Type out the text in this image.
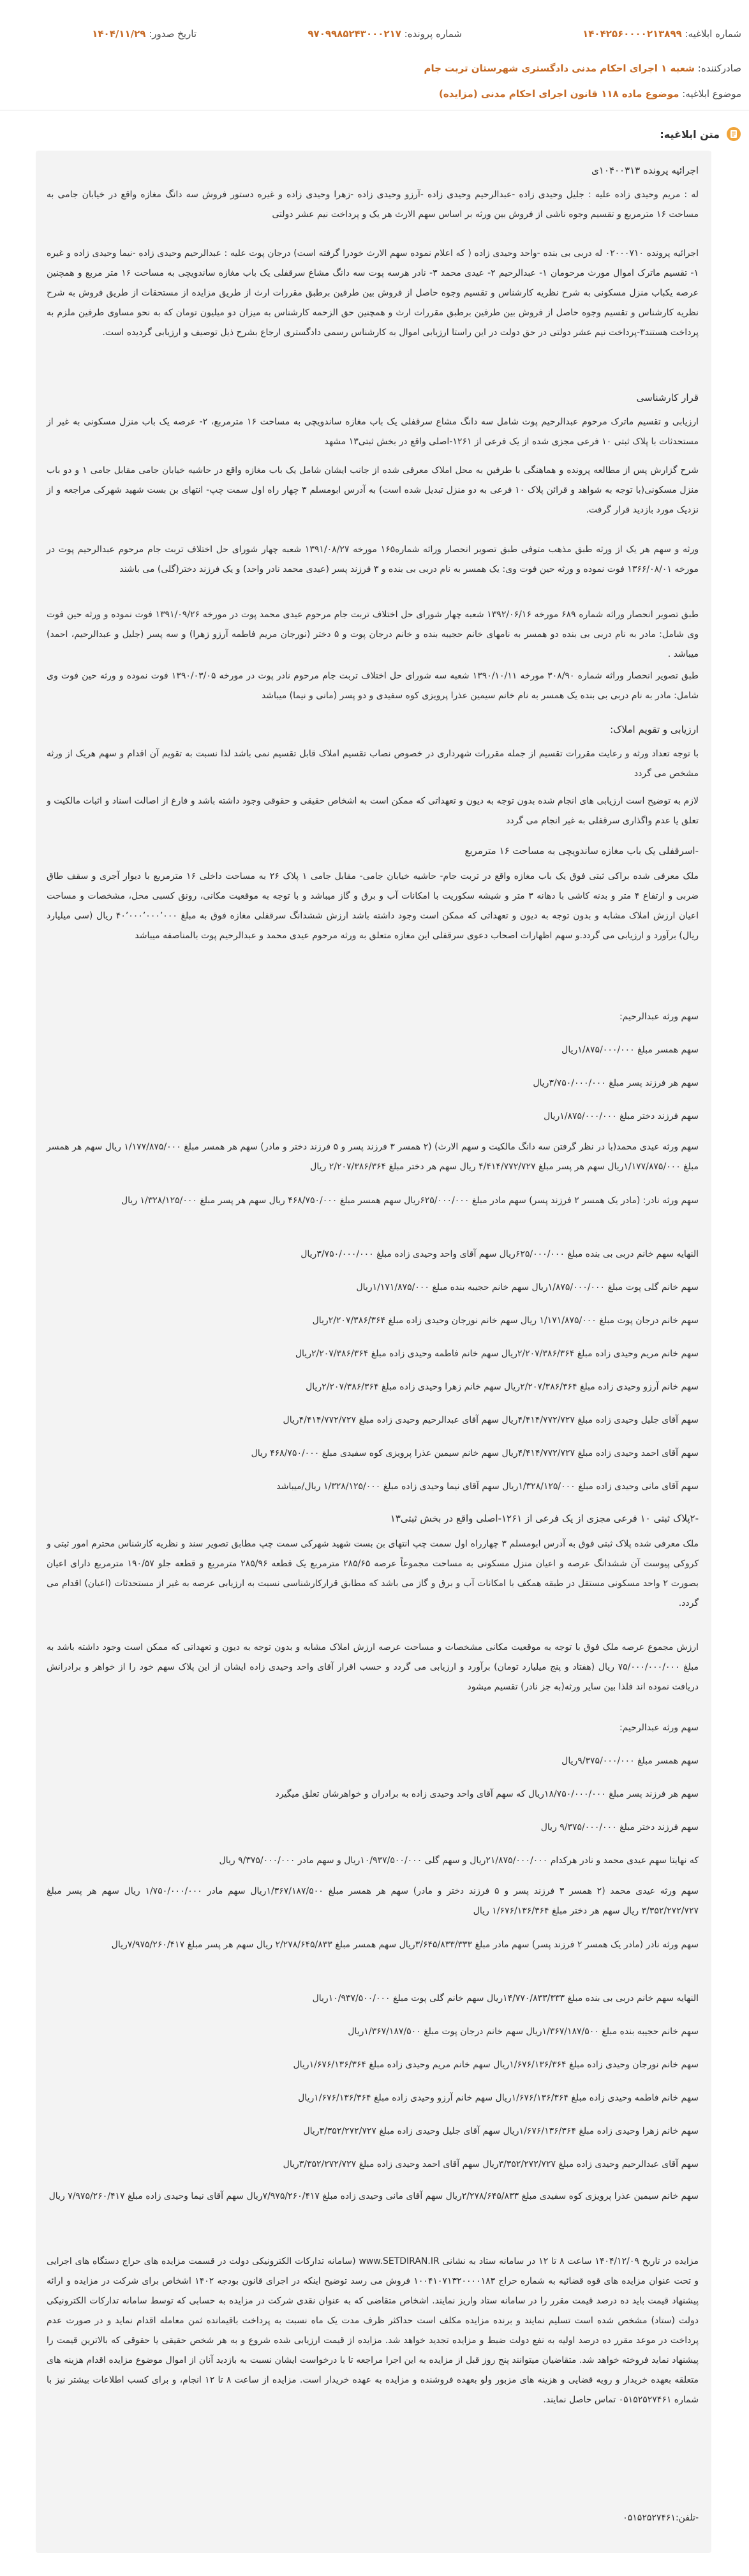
شماره ابلاغیه: ۱۴۰۴۲۵۶۰۰۰۰۲۱۳۸۹۹
شماره پرونده: ۹۷۰۹۹۸۵۲۴۳۰۰۰۲۱۷
تاریخ صدور: ۱۴۰۴/۱۱/۲۹
صادرکننده: شعبه ۱ اجرای احکام مدنی دادگستری شهرستان تربت جام
موضوع ابلاغیه: موضوع ماده ۱۱۸ قانون اجرای احکام مدنی (مزایده)
متن ابلاغیه:
اجرائیه پرونده ۱۰۴۰۰۳۱۳ی
له : مریم وحیدی زاده علیه : جلیل وحیدی زاده -عبدالرحیم وحیدی زاده -آرزو وحیدی زاده -زهرا وحیدی زاده و غیره دستور فروش سه دانگ مغازه واقع در خیابان جامی به مساحت ۱۶ مترمربع و تقسیم وجوه ناشی از فروش بین ورثه بر اساس سهم الارث هر یک و پرداخت نیم عشر دولتی
اجرائیه پرونده ۰۲۰۰۰۷۱۰ له دربی بی بنده -واحد وحیدی زاده ( که اعلام نموده سهم الارث خودرا گرفته است) درجان پوت علیه : عبدالرحیم وحیدی زاده -نیما وحیدی زاده و غیره ۱- تقسیم ماترک اموال مورث مرحومان ۱- عبدالرحیم ۲- عیدی محمد ۳- نادر هرسه پوت سه دانگ مشاع سرقفلی یک باب مغازه ساندویچی به مساحت ۱۶ متر مربع و همچنین عرصه یکباب منزل مسکونی به شرح نظریه کارشناس و تقسیم وجوه حاصل از فروش بین طرفین برطبق مقررات ارث از طریق مزایده از مستحقات از طریق فروش به شرح نظریه کارشناس و تقسیم وجوه حاصل از فروش بین طرفین برطبق مقررات ارث و همچنین حق الزحمه کارشناس به میزان دو میلیون تومان که به نحو مساوی طرفین ملزم به پرداخت هستند۳-پرداخت نیم عشر دولتی در حق دولت در این راستا ارزیابی اموال به کارشناس رسمی دادگستری ارجاع بشرح ذیل توصیف و ارزیابی گردیده است.
قرار کارشناسی
ارزیابی و تقسیم ماترک مرحوم عبدالرحیم پوت شامل سه دانگ مشاع سرقفلی یک باب مغازه ساندویچی به مساحت ۱۶ مترمربع، ۲- عرصه یک باب منزل مسکونی به غیر از مستحدثات با پلاک ثبتی ۱۰ فرعی مجزی شده از یک فرعی از ۱۲۶۱-اصلی واقع در بخش ثبتی۱۳ مشهد
شرح گزارش پس از مطالعه پرونده و هماهنگی با طرفین به محل املاک معرفی شده از جانب ایشان شامل یک باب مغازه واقع در حاشیه خیابان جامی مقابل جامی ۱ و دو باب منزل مسکونی(با توجه به شواهد و قرائن پلاک ۱۰ فرعی به دو منزل تبدیل شده است) به آدرس ابومسلم ۳ چهار راه اول سمت چپ- انتهای بن بست شهید شهرکی مراجعه و از نزدیک مورد بازدید قرار گرفت.
ورثه و سهم هر یک از ورثه طبق مذهب متوفی طبق تصویر انحصار وراثه شماره۱۶۵ مورخه ۱۳۹۱/۰۸/۲۷ شعبه چهار شورای حل اختلاف تربت جام مرحوم عبدالرحیم پوت در مورخه ۱۳۶۶/۰۸/۰۱ فوت نموده و ورثه حین فوت وی: یک همسر به نام دربی بی بنده و ۳ فرزند پسر (عیدی محمد نادر واحد) و یک فرزند دختر(گلی) می باشند
طبق تصویر انحصار وراثه شماره ۶۸۹ مورخه ۱۳۹۲/۰۶/۱۶ شعبه چهار شورای حل اختلاف تربت جام مرحوم عیدی محمد پوت در مورخه ۱۳۹۱/۰۹/۲۶ فوت نموده و ورثه حین فوت وی شامل: مادر به نام دربی بی بنده دو همسر به نامهای خانم حجیبه بنده و خانم درجان پوت و ۵ دختر (نورجان مریم فاطمه آرزو زهرا) و سه پسر (جلیل و عبدالرحیم، احمد) میباشد .
طبق تصویر انحصار وراثه شماره ۳۰۸/۹۰ مورخه ۱۳۹۰/۱۰/۱۱ شعبه سه شورای حل اختلاف تربت جام مرحوم نادر پوت در مورخه ۱۳۹۰/۰۳/۰۵ فوت نموده و ورثه حین فوت وی شامل: مادر به نام دربی بی بنده یک همسر به نام خانم سیمین عذرا پرویزی کوه سفیدی و دو پسر (مانی و نیما) میباشد
ارزیابی و تقویم املاک:
با توجه تعداد ورثه و رعایت مقررات تقسیم از جمله مقررات شهرداری در خصوص نصاب تقسیم املاک قابل تقسیم نمی باشد لذا نسبت به تقویم آن اقدام و سهم هریک از ورثه مشخص می گردد
لازم به توضیح است ارزیابی های انجام شده بدون توجه به دیون و تعهداتی که ممکن است به اشخاص حقیقی و حقوقی وجود داشته باشد و فارغ از اصالت اسناد و اثبات مالکیت و تعلق یا عدم واگذاری سرقفلی به غیر انجام می گردد
-اسرقفلی یک باب مغازه ساندویچی به مساحت ۱۶ مترمربع
ملک معرفی شده براکی ثبتی فوق یک باب مغازه واقع در تربت جام- حاشیه خیابان جامی- مقابل جامی ۱ پلاک ۲۶ به مساحت داخلی ۱۶ مترمربع با دیوار آجری و سقف طاق ضربی و ارتفاع ۴ متر و بدنه کاشی با دهانه ۳ متر و شیشه سکوریت با امکانات آب و برق و گاز میباشد و با توجه به موقعیت مکانی، رونق کسبی محل، مشخصات و مساحت اعیان ارزش املاک مشابه و بدون توجه به دیون و تعهداتی که ممکن است وجود داشته باشد ارزش ششدانگ سرقفلی مغازه فوق به مبلغ ۴۰٬۰۰۰٬۰۰۰٬۰۰۰ ریال (سی میلیارد ریال) برآورد و ارزیابی می گردد.و سهم اظهارات اصحاب دعوی سرقفلی این مغازه متعلق به ورثه مرحوم عیدی محمد و عبدالرحیم پوت بالمناصفه میباشد
سهم ورثه عبدالرحیم:
سهم همسر مبلغ ۱/۸۷۵/۰۰۰/۰۰۰ریال
سهم هر فرزند پسر مبلغ ۳/۷۵۰/۰۰۰/۰۰۰ریال
سهم فرزند دختر مبلغ ۱/۸۷۵/۰۰۰/۰۰۰ریال
سهم ورثه عیدی محمد(با در نظر گرفتن سه دانگ مالکیت و سهم الارث) (۲ همسر ۳ فرزند پسر و ۵ فرزند دختر و مادر) سهم هر همسر مبلغ ۱/۱۷۷/۸۷۵/۰۰۰ ریال سهم هر همسر مبلغ ۱/۱۷۷/۸۷۵/۰۰۰ریال سهم هر پسر مبلغ ۴/۴۱۴/۷۷۲/۷۲۷ ریال سهم هر دختر مبلغ ۲/۲۰۷/۳۸۶/۳۶۴ ریال
سهم ورثه نادر: (مادر یک همسر ۲ فرزند پسر) سهم مادر مبلغ ۶۲۵/۰۰۰/۰۰۰ریال سهم همسر مبلغ ۴۶۸/۷۵۰/۰۰۰ ریال سهم هر پسر مبلغ ۱/۳۲۸/۱۲۵/۰۰۰ ریال
النهایه سهم خانم دربی بی بنده مبلغ ۶۲۵/۰۰۰/۰۰۰ریال سهم آقای واحد وحیدی زاده مبلغ ۳/۷۵۰/۰۰۰/۰۰۰ریال
سهم خانم گلی پوت مبلغ ۱/۸۷۵/۰۰۰/۰۰۰ریال سهم خانم حجیبه بنده مبلغ ۱/۱۷۱/۸۷۵/۰۰۰ریال
سهم خانم درجان پوت مبلغ ۱/۱۷۱/۸۷۵/۰۰۰ ریال سهم خانم نورجان وحیدی زاده مبلغ ۲/۲۰۷/۳۸۶/۳۶۴ریال
سهم خانم مریم وحیدی زاده مبلغ ۲/۲۰۷/۳۸۶/۳۶۴ریال سهم خانم فاطمه وحیدی زاده مبلغ ۲/۲۰۷/۳۸۶/۳۶۴ریال
سهم خانم آرزو وحیدی زاده مبلغ ۲/۲۰۷/۳۸۶/۳۶۴ریال سهم خانم زهرا وحیدی زاده مبلغ ۲/۲۰۷/۳۸۶/۳۶۴ریال
سهم آقای جلیل وحیدی زاده مبلغ ۴/۴۱۴/۷۷۲/۷۲۷ریال سهم آقای عبدالرحیم وحیدی زاده مبلغ ۴/۴۱۴/۷۷۲/۷۲۷ریال
سهم آقای احمد وحیدی زاده مبلغ ۴/۴۱۴/۷۷۲/۷۲۷ریال سهم خانم سیمین عذرا پرویزی کوه سفیدی مبلغ ۴۶۸/۷۵۰/۰۰۰ ریال
سهم آقای مانی وحیدی زاده مبلغ ۱/۳۲۸/۱۲۵/۰۰۰ریال سهم آقای نیما وحیدی زاده مبلغ ۱/۳۲۸/۱۲۵/۰۰۰ ریال/میباشد
-۲پلاک ثبتی ۱۰ فرعی مجزی از یک فرعی از ۱۲۶۱-اصلی واقع در بخش ثبتی۱۳
ملک معرفی شده پلاک ثبتی فوق به آدرس ابومسلم ۳ چهارراه اول سمت چپ انتهای بن بست شهید شهرکی سمت چپ مطابق تصویر سند و نظریه کارشناس محترم امور ثبتی و کروکی پیوست آن ششدانگ عرصه و اعیان منزل مسکونی به مساحت مجموعاً عرصه ۲۸۵/۶۵ مترمربع یک قطعه ۲۸۵/۹۶ مترمربع و قطعه جلو ۱۹۰/۵۷ مترمربع دارای اعیان بصورت ۲ واحد مسکونی مستقل در طبقه همکف با امکانات آب و برق و گاز می باشد که مطابق قرارکارشناسی نسبت به ارزیابی عرصه به غیر از مستحدثات (اعیان) اقدام می گردد.
ارزش مجموع عرصه ملک فوق با توجه به موقعیت مکانی مشخصات و مساحت عرصه ارزش املاک مشابه و بدون توجه به دیون و تعهداتی که ممکن است وجود داشته باشد به مبلغ ۷۵/۰۰۰/۰۰۰/۰۰۰ ریال (هفتاد و پنج میلیارد تومان) برآورد و ارزیابی می گردد و حسب اقرار آقای واحد وحیدی زاده ایشان از این پلاک سهم خود را از خواهر و برادرانش دریافت نموده اند فلذا بین سایر ورثه(به جز نادر) تقسیم میشود
سهم ورثه عبدالرحیم:
سهم همسر مبلغ ۹/۳۷۵/۰۰۰/۰۰۰ریال
سهم هر فرزند پسر مبلغ ۱۸/۷۵۰/۰۰۰/۰۰۰ریال که سهم آقای واحد وحیدی زاده به برادران و خواهرشان تعلق میگیرد
سهم فرزند دختر مبلغ ۹/۳۷۵/۰۰۰/۰۰۰ ریال
که نهایتا سهم عیدی محمد و نادر هرکدام ۲۱/۸۷۵/۰۰۰/۰۰۰ریال و سهم گلی ۱۰/۹۳۷/۵۰۰/۰۰۰ریال و سهم مادر ۹/۳۷۵/۰۰۰/۰۰۰ ریال
سهم ورثه عیدی محمد (۲ همسر ۳ فرزند پسر و ۵ فرزند دختر و مادر) سهم هر همسر مبلغ ۱/۳۶۷/۱۸۷/۵۰۰ریال سهم مادر ۱/۷۵۰/۰۰۰/۰۰۰ ریال سهم هر پسر مبلغ ۳/۳۵۲/۲۷۲/۷۲۷ ریال سهم هر دختر مبلغ ۱/۶۷۶/۱۳۶/۳۶۴ ریال
سهم ورثه نادر (مادر یک همسر ۲ فرزند پسر) سهم مادر مبلغ ۳/۶۴۵/۸۳۳/۳۳۳ریال سهم همسر مبلغ ۲/۲۷۸/۶۴۵/۸۳۳ ریال سهم هر پسر مبلغ ۷/۹۷۵/۲۶۰/۴۱۷ریال
النهایه سهم خانم دربی بی بنده مبلغ ۱۴/۷۷۰/۸۳۳/۳۳۳ریال سهم خانم گلی پوت مبلغ ۱۰/۹۳۷/۵۰۰/۰۰۰ریال
سهم خانم حجیبه بنده مبلغ ۱/۳۶۷/۱۸۷/۵۰۰ریال سهم خانم درجان پوت مبلغ ۱/۳۶۷/۱۸۷/۵۰۰ریال
سهم خانم نورجان وحیدی زاده مبلغ ۱/۶۷۶/۱۳۶/۳۶۴ریال سهم خانم مریم وحیدی زاده مبلغ ۱/۶۷۶/۱۳۶/۳۶۴ریال
سهم خانم فاطمه وحیدی زاده مبلغ ۱/۶۷۶/۱۳۶/۳۶۴ریال سهم خانم آرزو وحیدی زاده مبلغ ۱/۶۷۶/۱۳۶/۳۶۴ریال
سهم خانم زهرا وحیدی زاده مبلغ ۱/۶۷۶/۱۳۶/۳۶۴ریال سهم آقای جلیل وحیدی زاده مبلغ ۳/۳۵۲/۲۷۲/۷۲۷ریال
سهم آقای عبدالرحیم وحیدی زاده مبلغ ۳/۳۵۲/۲۷۲/۷۲۷ریال سهم آقای احمد وحیدی زاده مبلغ ۳/۳۵۲/۲۷۲/۷۲۷ریال
سهم خانم سیمین عذرا پرویزی کوه سفیدی مبلغ ۲/۲۷۸/۶۴۵/۸۳۳ریال سهم آقای مانی وحیدی زاده مبلغ ۷/۹۷۵/۲۶۰/۴۱۷ریال سهم آقای نیما وحیدی زاده مبلغ ۷/۹۷۵/۲۶۰/۴۱۷ ریال
مزایده در تاریخ ۱۴۰۴/۱۲/۰۹ ساعت ۸ تا ۱۲ در سامانه ستاد به نشانی www.SETDIRAN.IR (سامانه تدارکات الکترونیکی دولت در قسمت مزایده های حراج دستگاه های اجرایی و تحت عنوان مزایده های قوه قضائیه به شماره حراج ۱۰۰۴۱۰۷۱۳۲۰۰۰۰۱۸۳ فروش می رسد توضیح اینکه در اجرای قانون بودجه ۱۴۰۲ اشخاص برای شرکت در مزایده و ارائه پیشنهاد قیمت باید ده درصد قیمت مقرر را در سامانه ستاد واریز نمایند. اشخاص متقاضی که به عنوان نقدی شرکت در مزایده به حسابی که توسط سامانه تدارکات الکترونیکی دولت (ستاد) مشخص شده است تسلیم نمایند و برنده مزایده مکلف است حداکثر ظرف مدت یک ماه نسبت به پرداخت باقیمانده ثمن معامله اقدام نماید و در صورت عدم پرداخت در موعد مقرر ده درصد اولیه به نفع دولت ضبط و مزایده تجدید خواهد شد. مزایده از قیمت ارزیابی شده شروع و به هر شخص حقیقی یا حقوقی که بالاترین قیمت را پیشنهاد نماید فروخته خواهد شد. متقاضیان میتوانند پنج روز قبل از مزایده به این اجرا مراجعه تا با درخواست ایشان نسبت به بازدید آنان از اموال موضوع مزایده اقدام هزینه های متعلقه بعهده خریدار و رویه قضایی و هزینه های مزبور ولو بعهده فروشنده و مزایده به عهده خریدار است. مزایده از ساعت ۸ تا ۱۲ انجام، و برای کسب اطلاعات بیشتر نیز با شماره ۰۵۱۵۲۵۲۷۴۶۱ تماس حاصل نمایند.
-تلفن:۰۵۱۵۲۵۲۷۴۶۱
